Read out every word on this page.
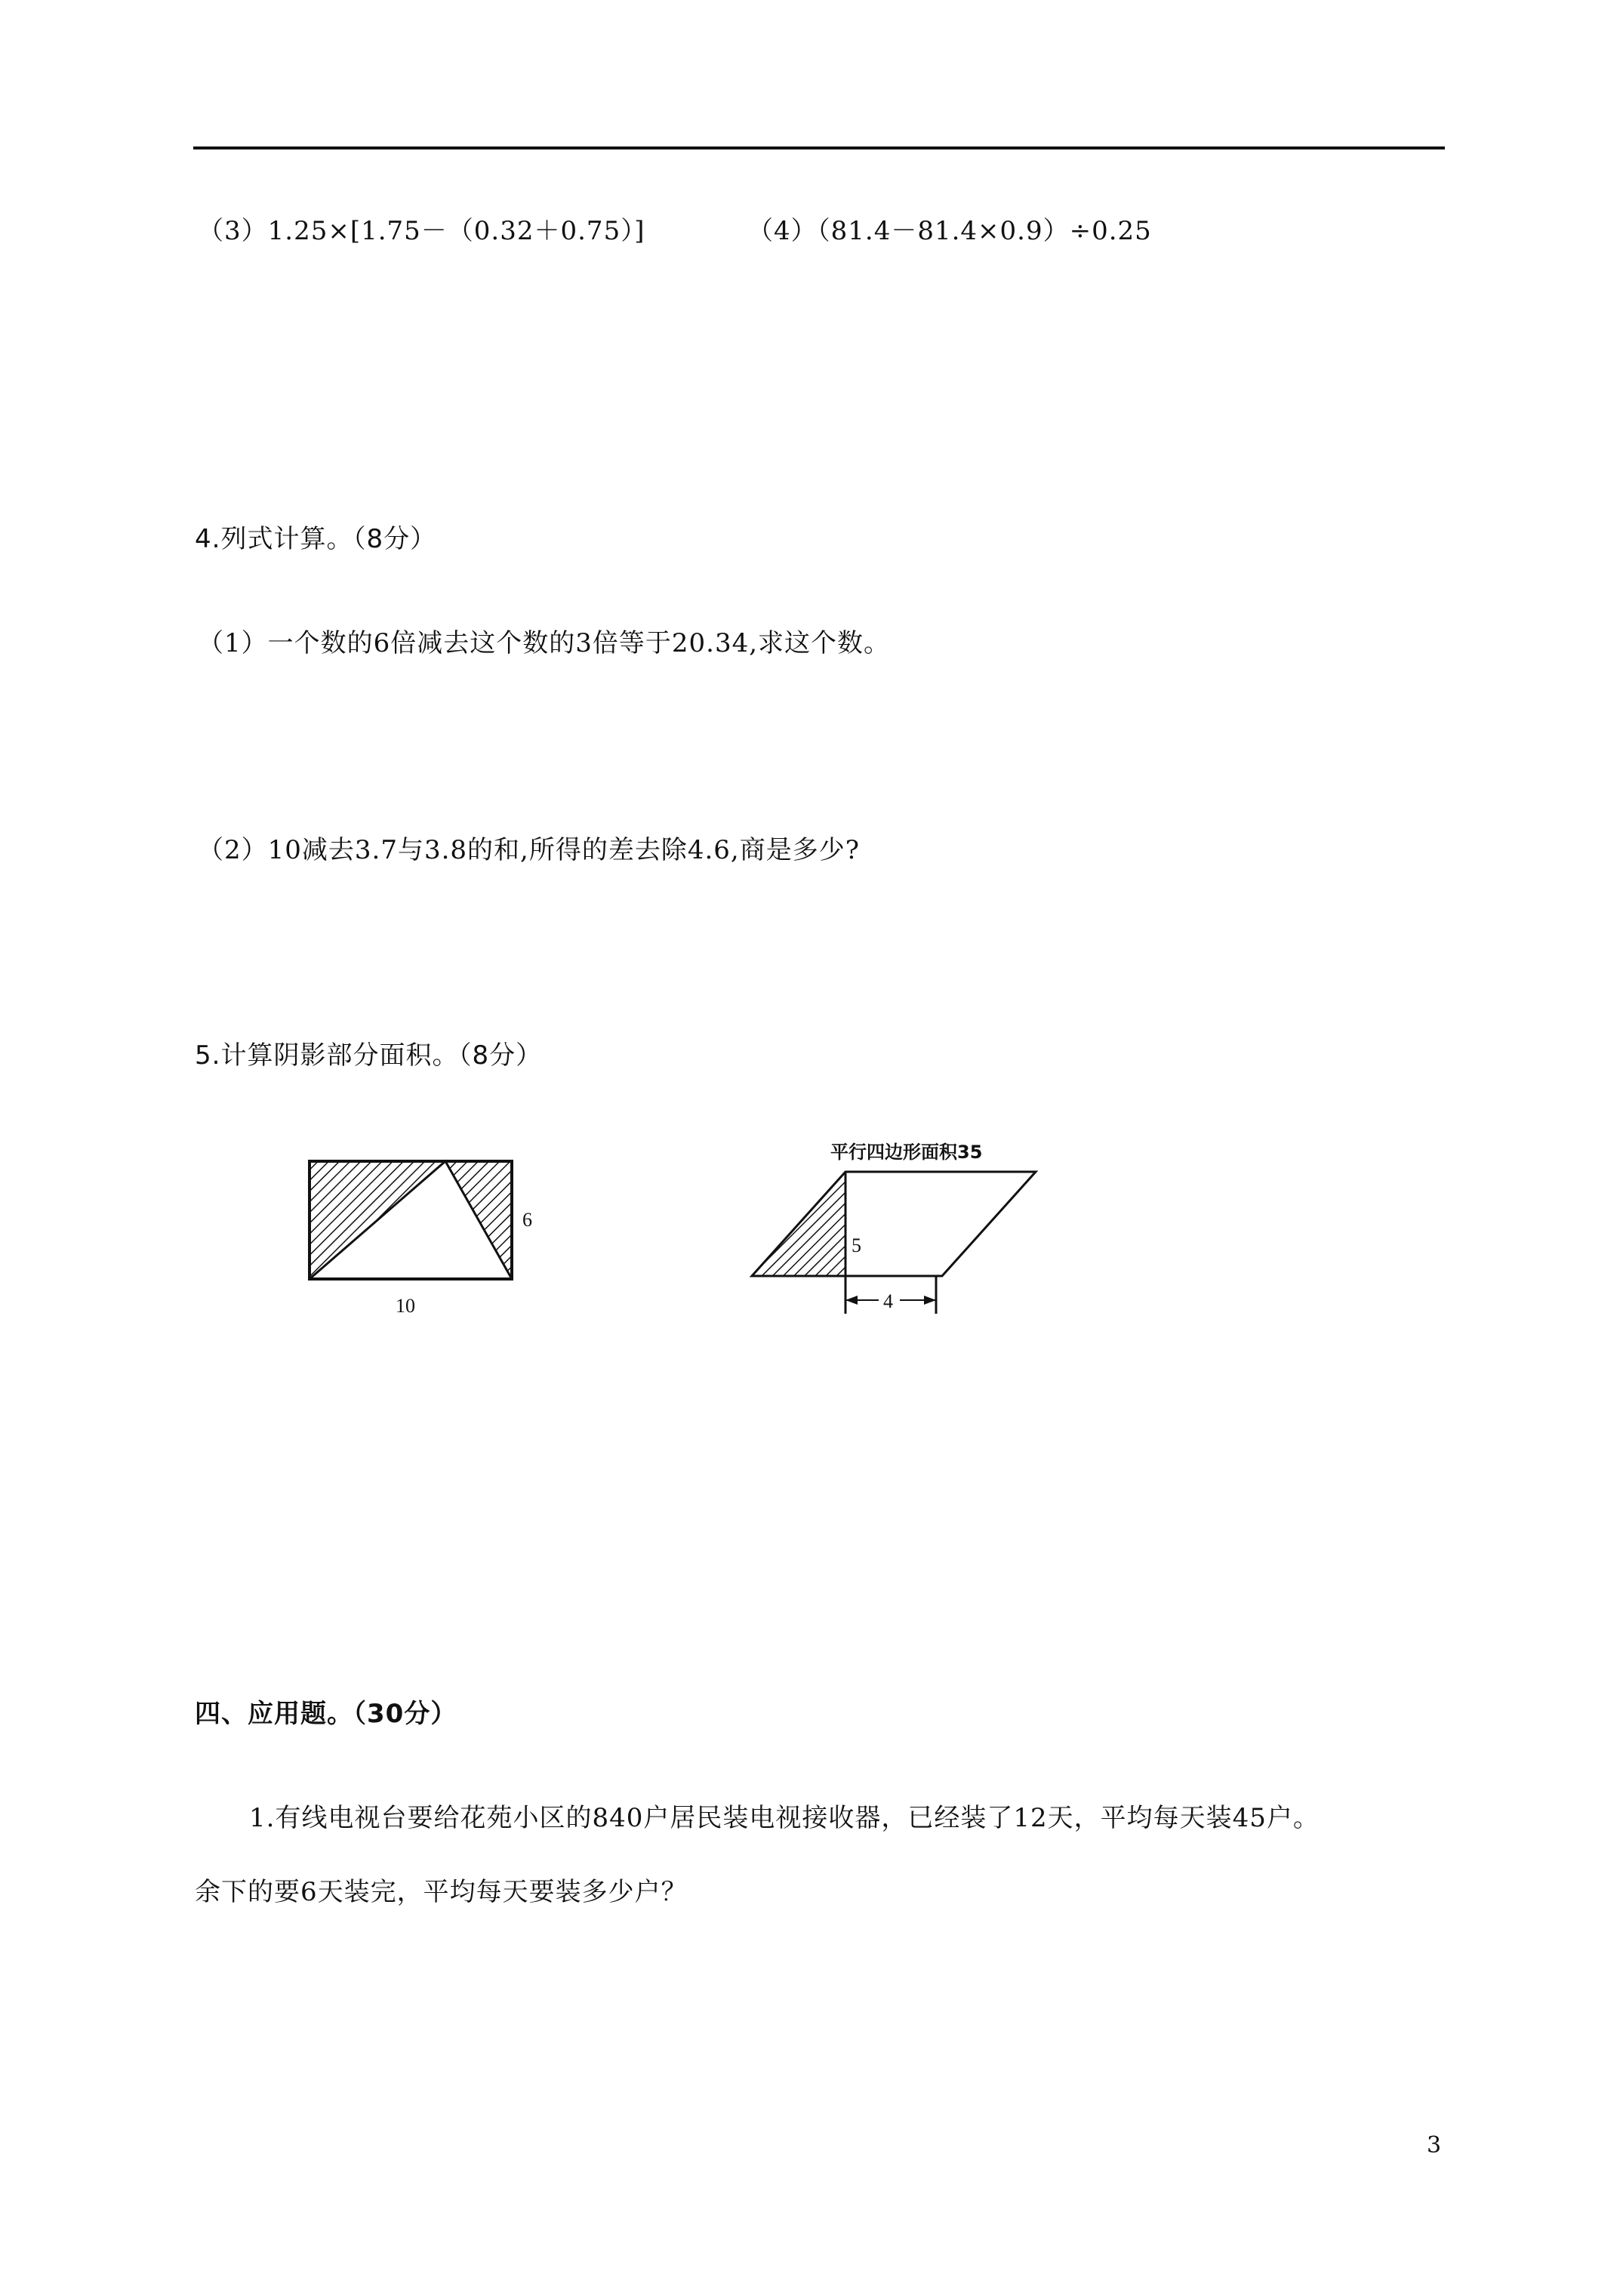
（3）1.25×[1.75－（0.32＋0.75）]	（4）（81.4－81.4×0.9）÷0.25
4.列式计算。（8分）
（1）一个数的6倍减去这个数的3倍等于20.34,求这个数。
（2）10减去3.7与3.8的和,所得的差去除4.6,商是多少?
5.计算阴影部分面积。（8分）
6
10
平行四边形面积35
5
4
四、应用题。（30分）
1.有线电视台要给花苑小区的840户居民装电视接收器，已经装了12天，平均每天装45户。
余下的要6天装完，平均每天要装多少户？
3
